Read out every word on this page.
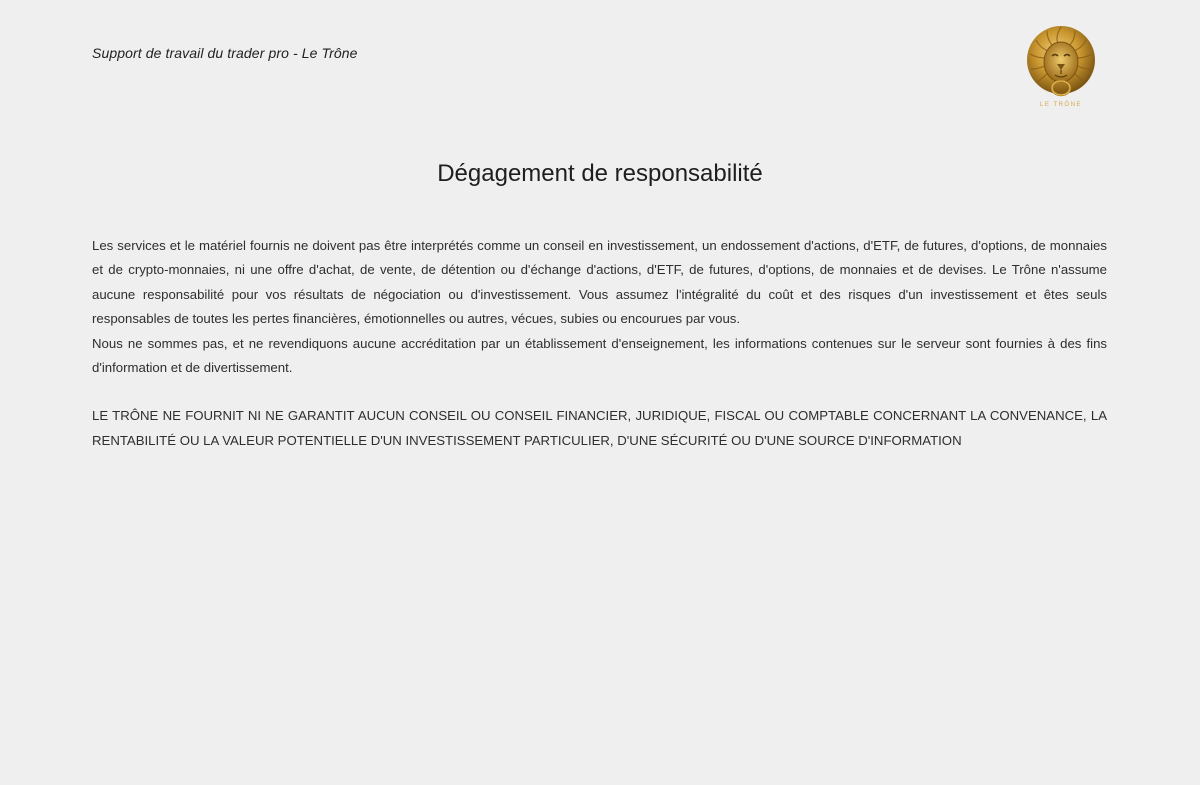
Support de travail du trader pro - Le Trône
LE TRÔNE
Dégagement de responsabilité

Les services et le matériel fournis ne doivent pas être interprétés comme un conseil en investissement, un endossement d'actions, d'ETF, de futures, d'options, de monnaies et de crypto-monnaies, ni une offre d'achat, de vente, de détention ou d'échange d'actions, d'ETF, de futures, d'options, de monnaies et de devises. Le Trône n'assume aucune responsabilité pour vos résultats de négociation ou d'investissement. Vous assumez l'intégralité du coût et des risques d'un investissement et êtes seuls responsables de toutes les pertes financières, émotionnelles ou autres, vécues, subies ou encourues par vous.

Nous ne sommes pas, et ne revendiquons aucune accréditation par un établissement d'enseignement, les informations contenues sur le serveur sont fournies à des fins d'information et de divertissement.

LE TRÔNE NE FOURNIT NI NE GARANTIT AUCUN CONSEIL OU CONSEIL FINANCIER, JURIDIQUE, FISCAL OU COMPTABLE CONCERNANT LA CONVENANCE, LA RENTABILITÉ OU LA VALEUR POTENTIELLE D'UN INVESTISSEMENT PARTICULIER, D'UNE SÉCURITÉ OU D'UNE SOURCE D'INFORMATION
